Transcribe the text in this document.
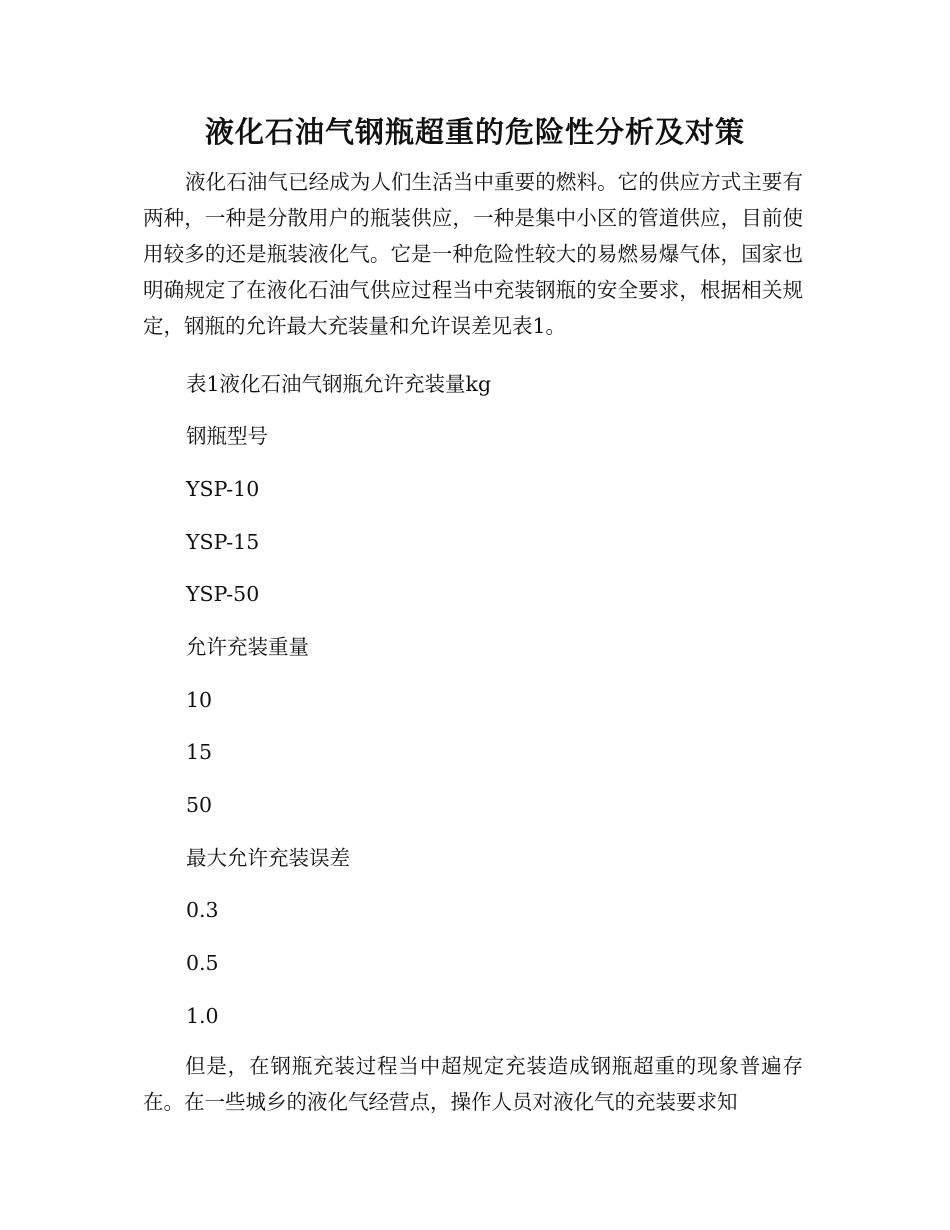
液化石油气钢瓶超重的危险性分析及对策

液化石油气已经成为人们生活当中重要的燃料。它的供应方式主要有两种，一种是分散用户的瓶装供应，一种是集中小区的管道供应，目前使用较多的还是瓶装液化气。它是一种危险性较大的易燃易爆气体，国家也明确规定了在液化石油气供应过程当中充装钢瓶的安全要求，根据相关规定，钢瓶的允许最大充装量和允许误差见表1。

表1液化石油气钢瓶允许充装量kg

钢瓶型号

YSP-10

YSP-15

YSP-50

允许充装重量

10

15

50

最大允许充装误差

0.3

0.5

1.0

但是，在钢瓶充装过程当中超规定充装造成钢瓶超重的现象普遍存在。在一些城乡的液化气经营点，操作人员对液化气的充装要求知
